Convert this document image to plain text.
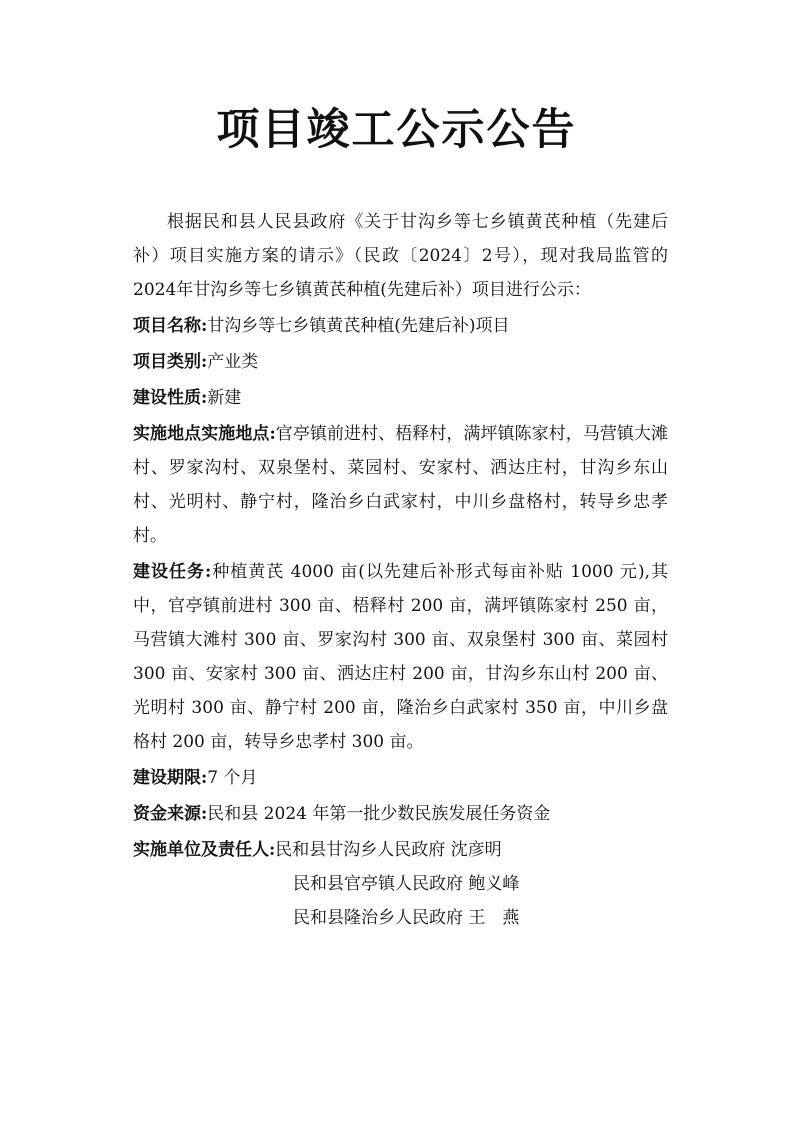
项目竣工公示公告

根据民和县人民县政府《关于甘沟乡等七乡镇黄芪种植（先建后补）项目实施方案的请示》（民政〔2024〕2号），现对我局监管的2024年甘沟乡等七乡镇黄芪种植(先建后补）项目进行公示：

项目名称:甘沟乡等七乡镇黄芪种植(先建后补)项目

项目类别:产业类

建设性质:新建

实施地点实施地点:官亭镇前进村、梧释村，满坪镇陈家村，马营镇大滩村、罗家沟村、双泉堡村、菜园村、安家村、洒达庄村，甘沟乡东山村、光明村、静宁村，隆治乡白武家村，中川乡盘格村，转导乡忠孝村。

建设任务:种植黄芪 4000 亩(以先建后补形式每亩补贴 1000 元),其中，官亭镇前进村 300 亩、梧释村 200 亩，满坪镇陈家村 250 亩，马营镇大滩村 300 亩、罗家沟村 300 亩、双泉堡村 300 亩、菜园村 300 亩、安家村 300 亩、洒达庄村 200 亩，甘沟乡东山村 200 亩、光明村 300 亩、静宁村 200 亩，隆治乡白武家村 350 亩，中川乡盘格村 200 亩，转导乡忠孝村 300 亩。

建设期限:7 个月

资金来源:民和县 2024 年第一批少数民族发展任务资金

实施单位及责任人:民和县甘沟乡人民政府 沈彦明

民和县官亭镇人民政府 鲍义峰

民和县隆治乡人民政府 王　燕
